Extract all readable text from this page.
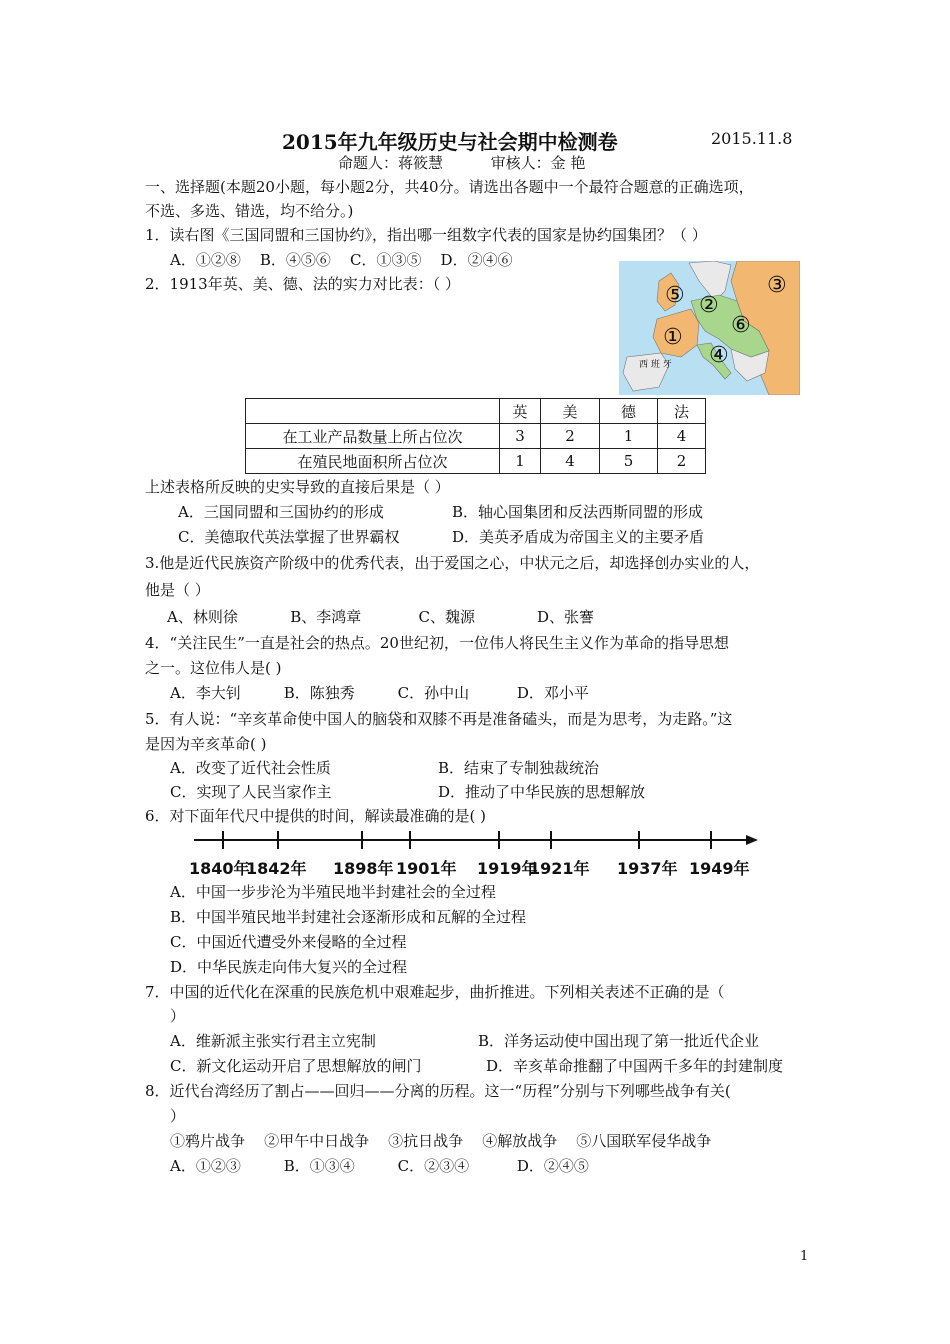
2015年九年级历史与社会期中检测卷	2015.11.8
命题人：蒋筱慧          审核人：金 艳
一、选择题(本题20小题，每小题2分，共40分。请选出各题中一个最符合题意的正确选项，
不选、多选、错选，均不给分。)
1．读右图《三国同盟和三国协约》，指出哪一组数字代表的国家是协约国集团？（ ）
A．①②⑧    B．④⑤⑥    C．①③⑤    D．②④⑥
⑤ ②
③
⑥
①
④
西 班 牙
2．1913年英、美、德、法的实力对比表：（ ）
	英	美	德	法
在工业产品数量上所占位次	3	2	1	4
在殖民地面积所占位次	1	4	5	2
上述表格所反映的史实导致的直接后果是（ ）
A．三国同盟和三国协约的形成	B．轴心国集团和反法西斯同盟的形成
C．美德取代英法掌握了世界霸权	D．美英矛盾成为帝国主义的主要矛盾
3.他是近代民族资产阶级中的优秀代表，出于爱国之心，中状元之后，却选择创办实业的人，
他是（ ）
A、林则徐           B、李鸿章            C、魏源             D、张謇
4．“关注民生”一直是社会的热点。20世纪初，一位伟人将民生主义作为革命的指导思想
之一。这位伟人是( )
A．李大钊         B．陈独秀         C．孙中山          D．邓小平
5．有人说：“辛亥革命使中国人的脑袋和双膝不再是准备磕头，而是为思考，为走路。”这
是因为辛亥革命( )
A．改变了近代社会性质	B．结束了专制独裁统治
C．实现了人民当家作主	D．推动了中华民族的思想解放
6．对下面年代尺中提供的时间，解读最准确的是( )
1840年
1842年 1898年 1901年 1919年
1921年 1937年 1949年
A．中国一步步沦为半殖民地半封建社会的全过程
B．中国半殖民地半封建社会逐渐形成和瓦解的全过程
C．中国近代遭受外来侵略的全过程
D．中华民族走向伟大复兴的全过程
7．中国的近代化在深重的民族危机中艰难起步，曲折推进。下列相关表述不正确的是（
）
A．维新派主张实行君主立宪制	B．洋务运动使中国出现了第一批近代企业
C．新文化运动开启了思想解放的闸门	D．辛亥革命推翻了中国两千多年的封建制度
8．近代台湾经历了割占——回归——分离的历程。这一“历程”分别与下列哪些战争有关(
）
①鸦片战争    ②甲午中日战争    ③抗日战争    ④解放战争    ⑤八国联军侵华战争
A．①②③         B．①③④         C．②③④          D．②④⑤
1
